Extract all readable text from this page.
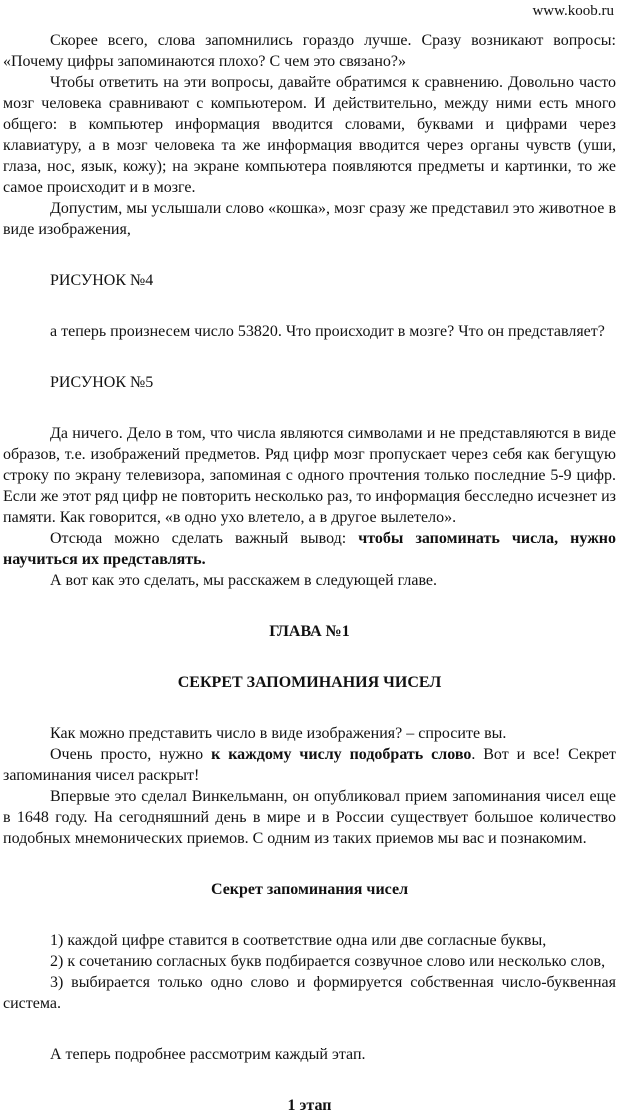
www.koob.ru

Скорее всего, слова запомнились гораздо лучше. Сразу возникают вопросы: «Почему цифры запоминаются плохо? С чем это связано?»

Чтобы ответить на эти вопросы, давайте обратимся к сравнению. Довольно часто мозг человека сравнивают с компьютером. И действительно, между ними есть много общего: в компьютер информация вводится словами, буквами и цифрами через клавиатуру, а в мозг человека та же информация вводится через органы чувств (уши, глаза, нос, язык, кожу); на экране компьютера появляются предметы и картинки, то же самое происходит и в мозге.

Допустим, мы услышали слово «кошка», мозг сразу же представил это животное в виде изображения,

РИСУНОК №4

а теперь произнесем число 53820. Что происходит в мозге? Что он представляет?

РИСУНОК №5

Да ничего. Дело в том, что числа являются символами и не представляются в виде образов, т.е. изображений предметов. Ряд цифр мозг пропускает через себя как бегущую строку по экрану телевизора, запоминая с одного прочтения только последние 5-9 цифр. Если же этот ряд цифр не повторить несколько раз, то информация бесследно исчезнет из памяти. Как говорится, «в одно ухо влетело, а в другое вылетело».

Отсюда можно сделать важный вывод: чтобы запоминать числа, нужно научиться их представлять.

А вот как это сделать, мы расскажем в следующей главе.

ГЛАВА №1

СЕКРЕТ ЗАПОМИНАНИЯ ЧИСЕЛ

Как можно представить число в виде изображения? – спросите вы.

Очень просто, нужно к каждому числу подобрать слово. Вот и все! Секрет запоминания чисел раскрыт!

Впервые это сделал Винкельманн, он опубликовал прием запоминания чисел еще в 1648 году. На сегодняшний день в мире и в России существует большое количество подобных мнемонических приемов. С одним из таких приемов мы вас и познакомим.

Секрет запоминания чисел

1) каждой цифре ставится в соответствие одна или две согласные буквы,

2) к сочетанию согласных букв подбирается созвучное слово или несколько слов,

3) выбирается только одно слово и формируется собственная число-буквенная система.

А теперь подробнее рассмотрим каждый этап.

1 этап
